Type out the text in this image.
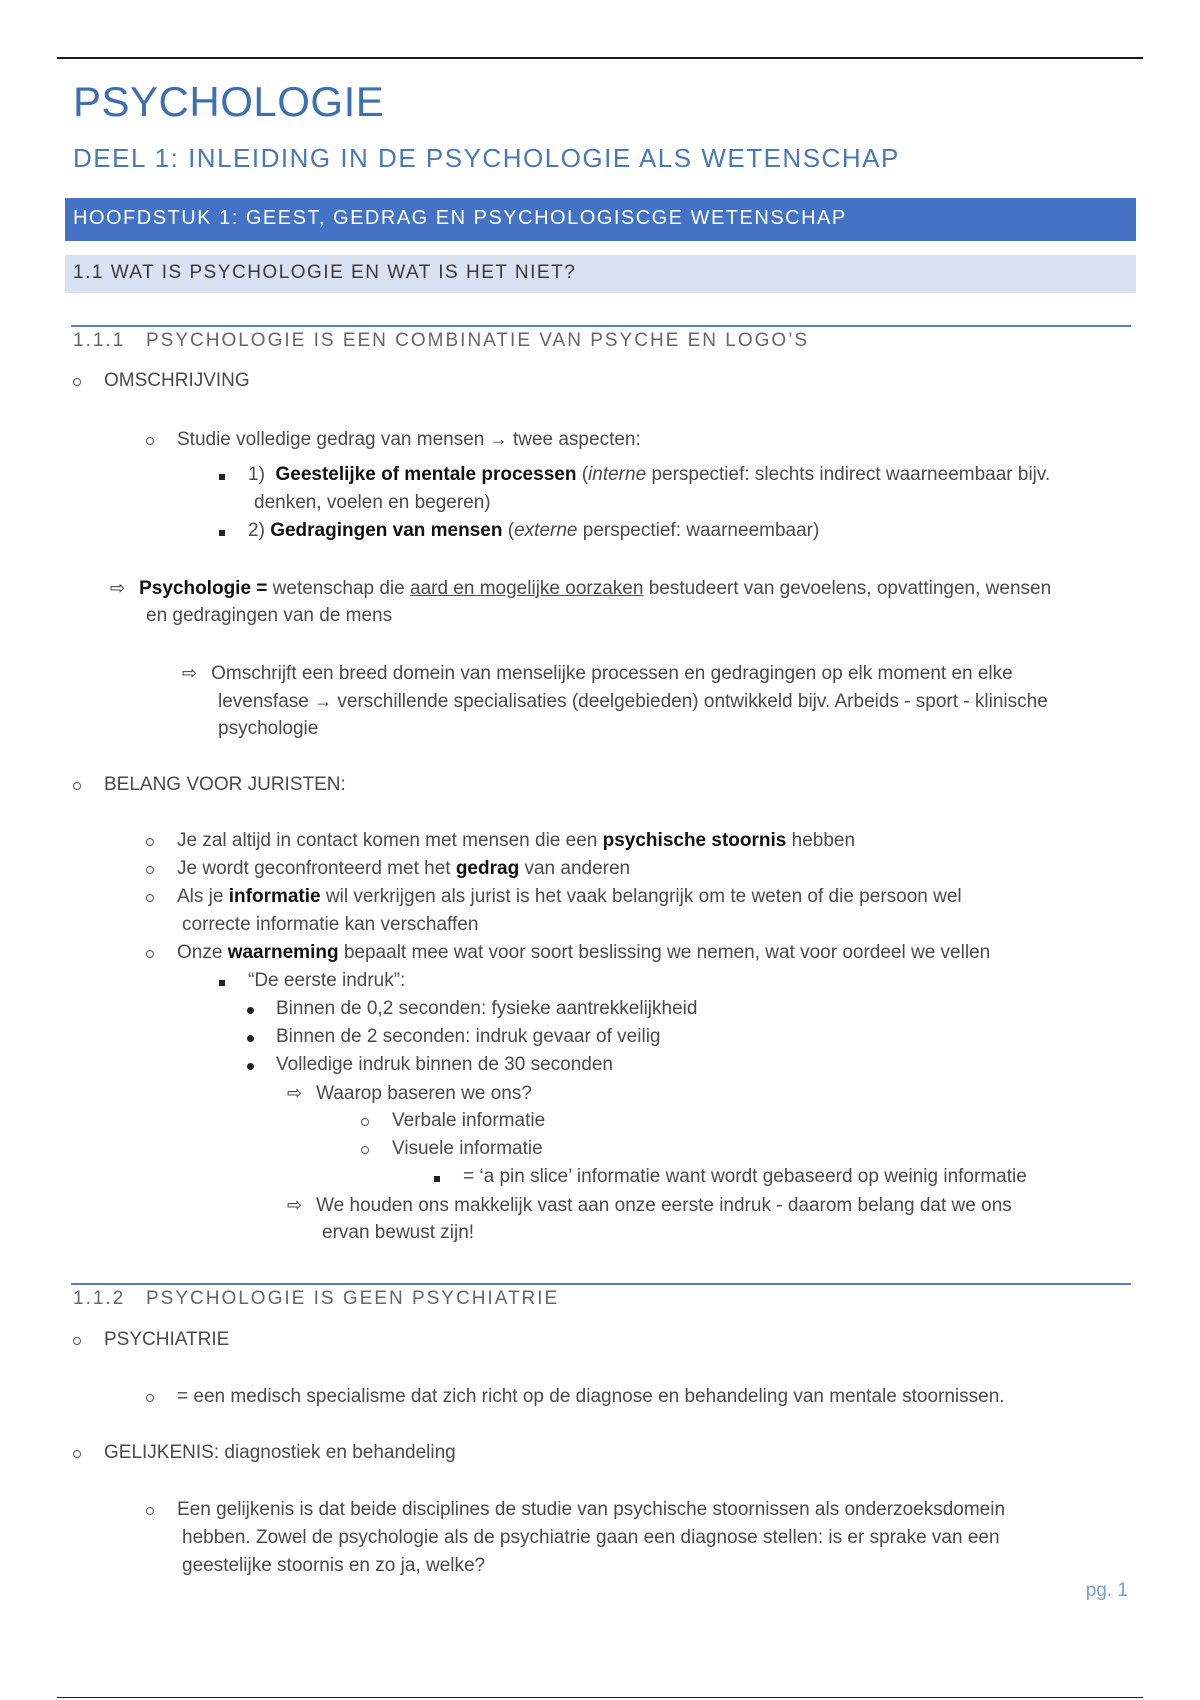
PSYCHOLOGIE
DEEL 1: INLEIDING IN DE PSYCHOLOGIE ALS WETENSCHAP
HOOFDSTUK 1: GEEST, GEDRAG EN PSYCHOLOGISCGE WETENSCHAP
1.1 WAT IS PSYCHOLOGIE EN WAT IS HET NIET?
1.1.1 PSYCHOLOGIE IS EEN COMBINATIE VAN PSYCHE EN LOGO’S
OMSCHRIJVING
Studie volledige gedrag van mensen → twee aspecten:
1) Geestelijke of mentale processen (interne perspectief: slechts indirect waarneembaar bijv.
denken, voelen en begeren)
2) Gedragingen van mensen (externe perspectief: waarneembaar)
⇨ Psychologie = wetenschap die aard en mogelijke oorzaken bestudeert van gevoelens, opvattingen, wensen
en gedragingen van de mens
⇨ Omschrijft een breed domein van menselijke processen en gedragingen op elk moment en elke
levensfase → verschillende specialisaties (deelgebieden) ontwikkeld bijv. Arbeids - sport - klinische
psychologie
BELANG VOOR JURISTEN:
Je zal altijd in contact komen met mensen die een psychische stoornis hebben
Je wordt geconfronteerd met het gedrag van anderen
Als je informatie wil verkrijgen als jurist is het vaak belangrijk om te weten of die persoon wel
correcte informatie kan verschaffen
Onze waarneming bepaalt mee wat voor soort beslissing we nemen, wat voor oordeel we vellen
“De eerste indruk”:
Binnen de 0,2 seconden: fysieke aantrekkelijkheid
Binnen de 2 seconden: indruk gevaar of veilig
Volledige indruk binnen de 30 seconden
⇨ Waarop baseren we ons?
Verbale informatie
Visuele informatie
= ‘a pin slice’ informatie want wordt gebaseerd op weinig informatie
⇨ We houden ons makkelijk vast aan onze eerste indruk - daarom belang dat we ons
ervan bewust zijn!
1.1.2 PSYCHOLOGIE IS GEEN PSYCHIATRIE
PSYCHIATRIE
= een medisch specialisme dat zich richt op de diagnose en behandeling van mentale stoornissen.
GELIJKENIS: diagnostiek en behandeling
Een gelijkenis is dat beide disciplines de studie van psychische stoornissen als onderzoeksdomein
hebben. Zowel de psychologie als de psychiatrie gaan een diagnose stellen: is er sprake van een
geestelijke stoornis en zo ja, welke?
pg. 1
